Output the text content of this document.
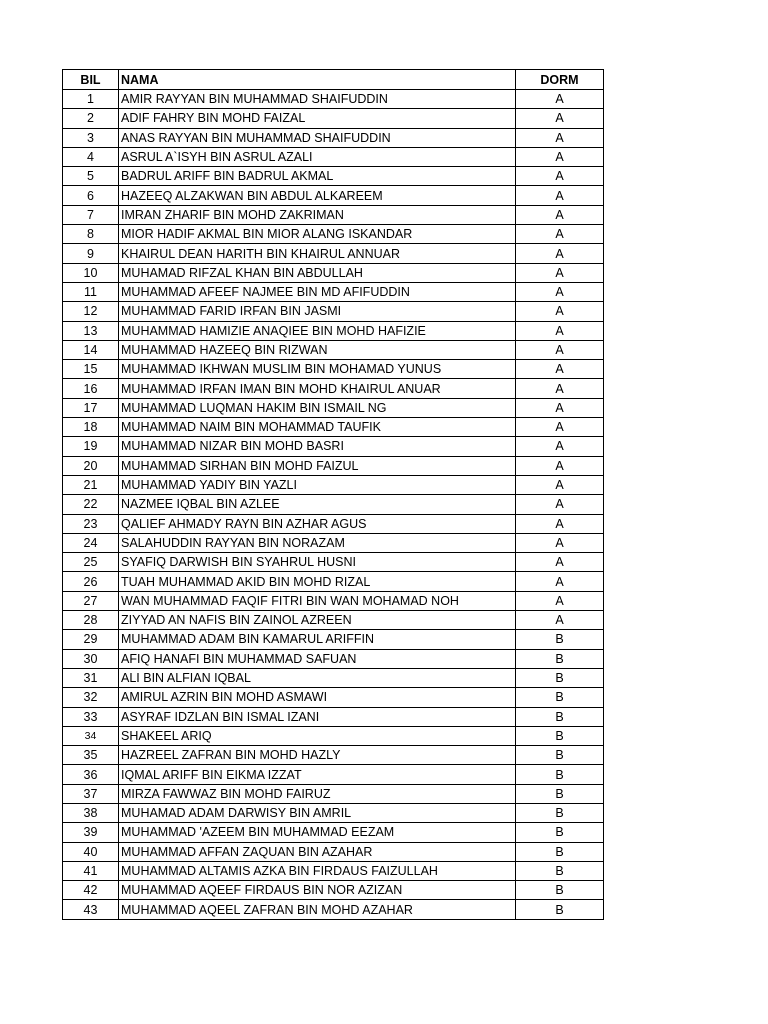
BIL	NAMA	DORM
1	AMIR RAYYAN BIN MUHAMMAD SHAIFUDDIN	A
2	ADIF FAHRY BIN MOHD FAIZAL	A
3	ANAS RAYYAN BIN MUHAMMAD SHAIFUDDIN	A
4	ASRUL A`ISYH BIN ASRUL AZALI	A
5	BADRUL ARIFF BIN BADRUL AKMAL	A
6	HAZEEQ ALZAKWAN BIN ABDUL ALKAREEM	A
7	IMRAN ZHARIF BIN MOHD ZAKRIMAN	A
8	MIOR HADIF AKMAL BIN MIOR ALANG ISKANDAR	A
9	KHAIRUL DEAN HARITH BIN KHAIRUL ANNUAR	A
10	MUHAMAD RIFZAL KHAN BIN ABDULLAH	A
11	MUHAMMAD AFEEF NAJMEE BIN MD AFIFUDDIN	A
12	MUHAMMAD FARID IRFAN BIN JASMI	A
13	MUHAMMAD HAMIZIE ANAQIEE BIN MOHD HAFIZIE	A
14	MUHAMMAD HAZEEQ BIN RIZWAN	A
15	MUHAMMAD IKHWAN MUSLIM BIN MOHAMAD YUNUS	A
16	MUHAMMAD IRFAN IMAN BIN MOHD KHAIRUL ANUAR	A
17	MUHAMMAD LUQMAN HAKIM BIN ISMAIL NG	A
18	MUHAMMAD NAIM BIN MOHAMMAD TAUFIK	A
19	MUHAMMAD NIZAR BIN MOHD BASRI	A
20	MUHAMMAD SIRHAN BIN MOHD FAIZUL	A
21	MUHAMMAD YADIY BIN YAZLI	A
22	NAZMEE IQBAL BIN AZLEE	A
23	QALIEF AHMADY RAYN BIN AZHAR AGUS	A
24	SALAHUDDIN RAYYAN BIN NORAZAM	A
25	SYAFIQ DARWISH BIN SYAHRUL HUSNI	A
26	TUAH MUHAMMAD AKID BIN MOHD RIZAL	A
27	WAN MUHAMMAD FAQIF FITRI BIN WAN MOHAMAD NOH	A
28	ZIYYAD AN NAFIS BIN ZAINOL AZREEN	A
29	MUHAMMAD ADAM BIN KAMARUL ARIFFIN	B
30	AFIQ HANAFI BIN MUHAMMAD SAFUAN	B
31	ALI BIN ALFIAN IQBAL	B
32	AMIRUL AZRIN BIN MOHD ASMAWI	B
33	ASYRAF IDZLAN BIN ISMAL IZANI	B
34	SHAKEEL ARIQ	B
35	HAZREEL ZAFRAN BIN MOHD HAZLY	B
36	IQMAL ARIFF BIN EIKMA IZZAT	B
37	MIRZA FAWWAZ BIN MOHD FAIRUZ	B
38	MUHAMAD ADAM DARWISY BIN AMRIL	B
39	MUHAMMAD 'AZEEM BIN MUHAMMAD EEZAM	B
40	MUHAMMAD AFFAN ZAQUAN BIN AZAHAR	B
41	MUHAMMAD ALTAMIS AZKA BIN FIRDAUS FAIZULLAH	B
42	MUHAMMAD AQEEF FIRDAUS BIN NOR AZIZAN	B
43	MUHAMMAD AQEEL ZAFRAN BIN MOHD AZAHAR	B
